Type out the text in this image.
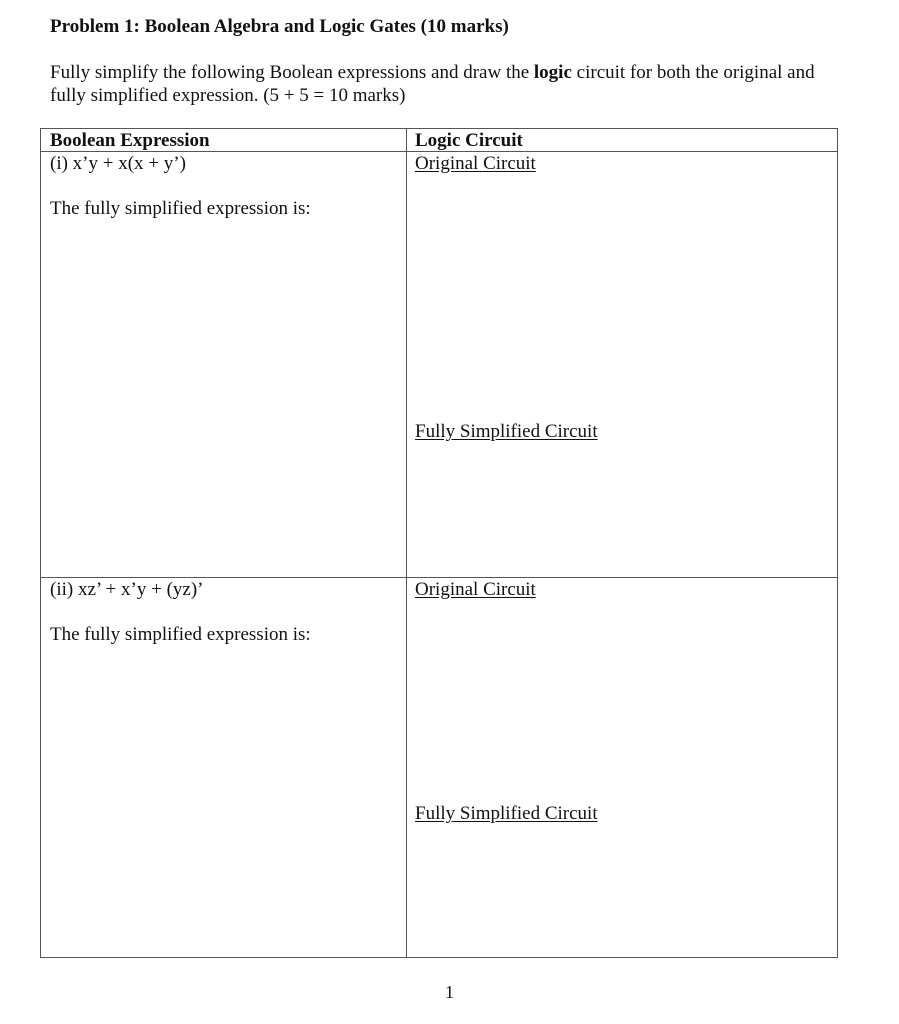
Problem 1: Boolean Algebra and Logic Gates (10 marks)
Fully simplify the following Boolean expressions and draw the logic circuit for both the original and fully simplified expression. (5 + 5 = 10 marks)
Boolean Expression	Logic Circuit
(i) x’y + x(x + y’)
The fully simplified expression is:
Original Circuit
Fully Simplified Circuit
(ii) xz’ + x’y + (yz)’
The fully simplified expression is:
Original Circuit
Fully Simplified Circuit
1
